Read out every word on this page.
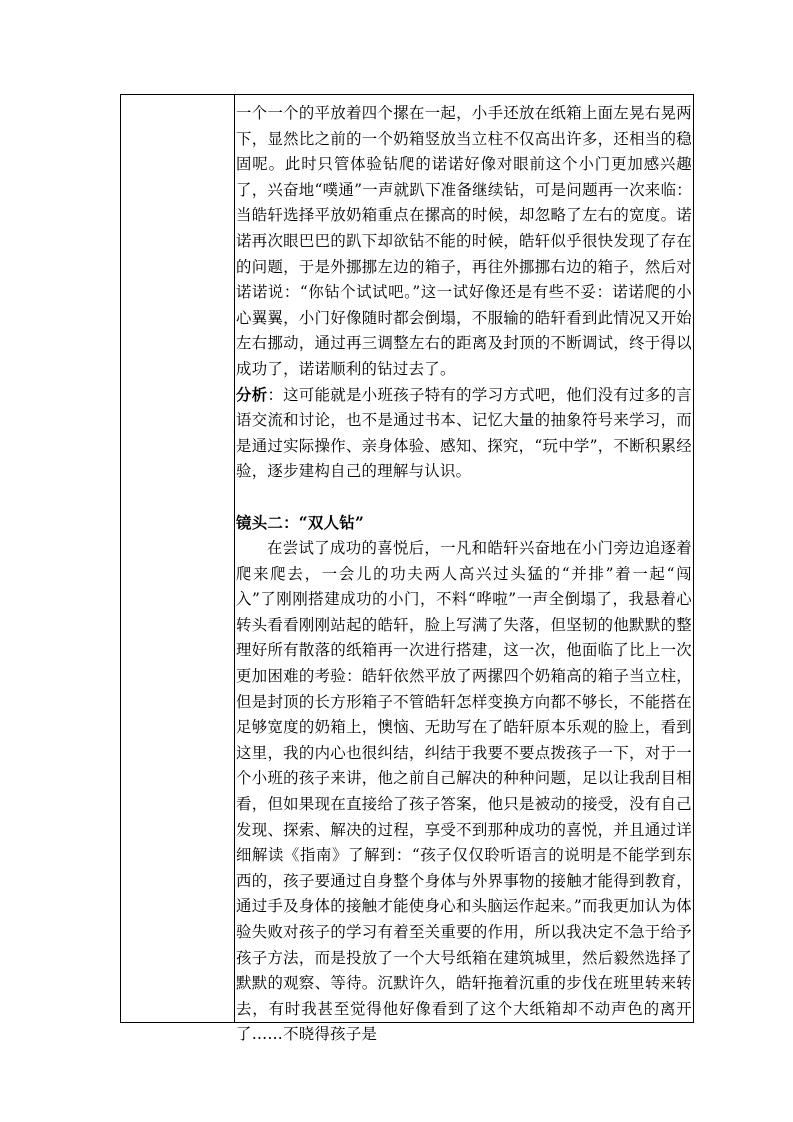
一个一个的平放着四个摞在一起，小手还放在纸箱上面左晃右晃两下，显然比之前的一个奶箱竖放当立柱不仅高出许多，还相当的稳固呢。此时只管体验钻爬的诺诺好像对眼前这个小门更加感兴趣了，兴奋地“噗通”一声就趴下准备继续钻，可是问题再一次来临：当皓轩选择平放奶箱重点在摞高的时候，却忽略了左右的宽度。诺诺再次眼巴巴的趴下却欲钻不能的时候，皓轩似乎很快发现了存在的问题，于是外挪挪左边的箱子，再往外挪挪右边的箱子，然后对诺诺说：“你钻个试试吧。”这一试好像还是有些不妥：诺诺爬的小心翼翼，小门好像随时都会倒塌，不服输的皓轩看到此情况又开始左右挪动，通过再三调整左右的距离及封顶的不断调试，终于得以成功了，诺诺顺利的钻过去了。

分析：这可能就是小班孩子特有的学习方式吧，他们没有过多的言语交流和讨论，也不是通过书本、记忆大量的抽象符号来学习，而是通过实际操作、亲身体验、感知、探究，“玩中学”，不断积累经验，逐步建构自己的理解与认识。

镜头二：“双人钻”

在尝试了成功的喜悦后，一凡和皓轩兴奋地在小门旁边追逐着爬来爬去，一会儿的功夫两人高兴过头猛的“并排”着一起“闯入”了刚刚搭建成功的小门，不料“哗啦”一声全倒塌了，我悬着心转头看看刚刚站起的皓轩，脸上写满了失落，但坚韧的他默默的整理好所有散落的纸箱再一次进行搭建，这一次，他面临了比上一次更加困难的考验：皓轩依然平放了两摞四个奶箱高的箱子当立柱，但是封顶的长方形箱子不管皓轩怎样变换方向都不够长，不能搭在足够宽度的奶箱上，懊恼、无助写在了皓轩原本乐观的脸上，看到这里，我的内心也很纠结，纠结于我要不要点拨孩子一下，对于一个小班的孩子来讲，他之前自己解决的种种问题，足以让我刮目相看，但如果现在直接给了孩子答案，他只是被动的接受，没有自己发现、探索、解决的过程，享受不到那种成功的喜悦，并且通过详细解读《指南》了解到：“孩子仅仅聆听语言的说明是不能学到东西的，孩子要通过自身整个身体与外界事物的接触才能得到教育，通过手及身体的接触才能使身心和头脑运作起来。”而我更加认为体验失败对孩子的学习有着至关重要的作用，所以我决定不急于给予孩子方法，而是投放了一个大号纸箱在建筑城里，然后毅然选择了默默的观察、等待。沉默许久，皓轩拖着沉重的步伐在班里转来转去，有时我甚至觉得他好像看到了这个大纸箱却不动声色的离开了……不晓得孩子是
